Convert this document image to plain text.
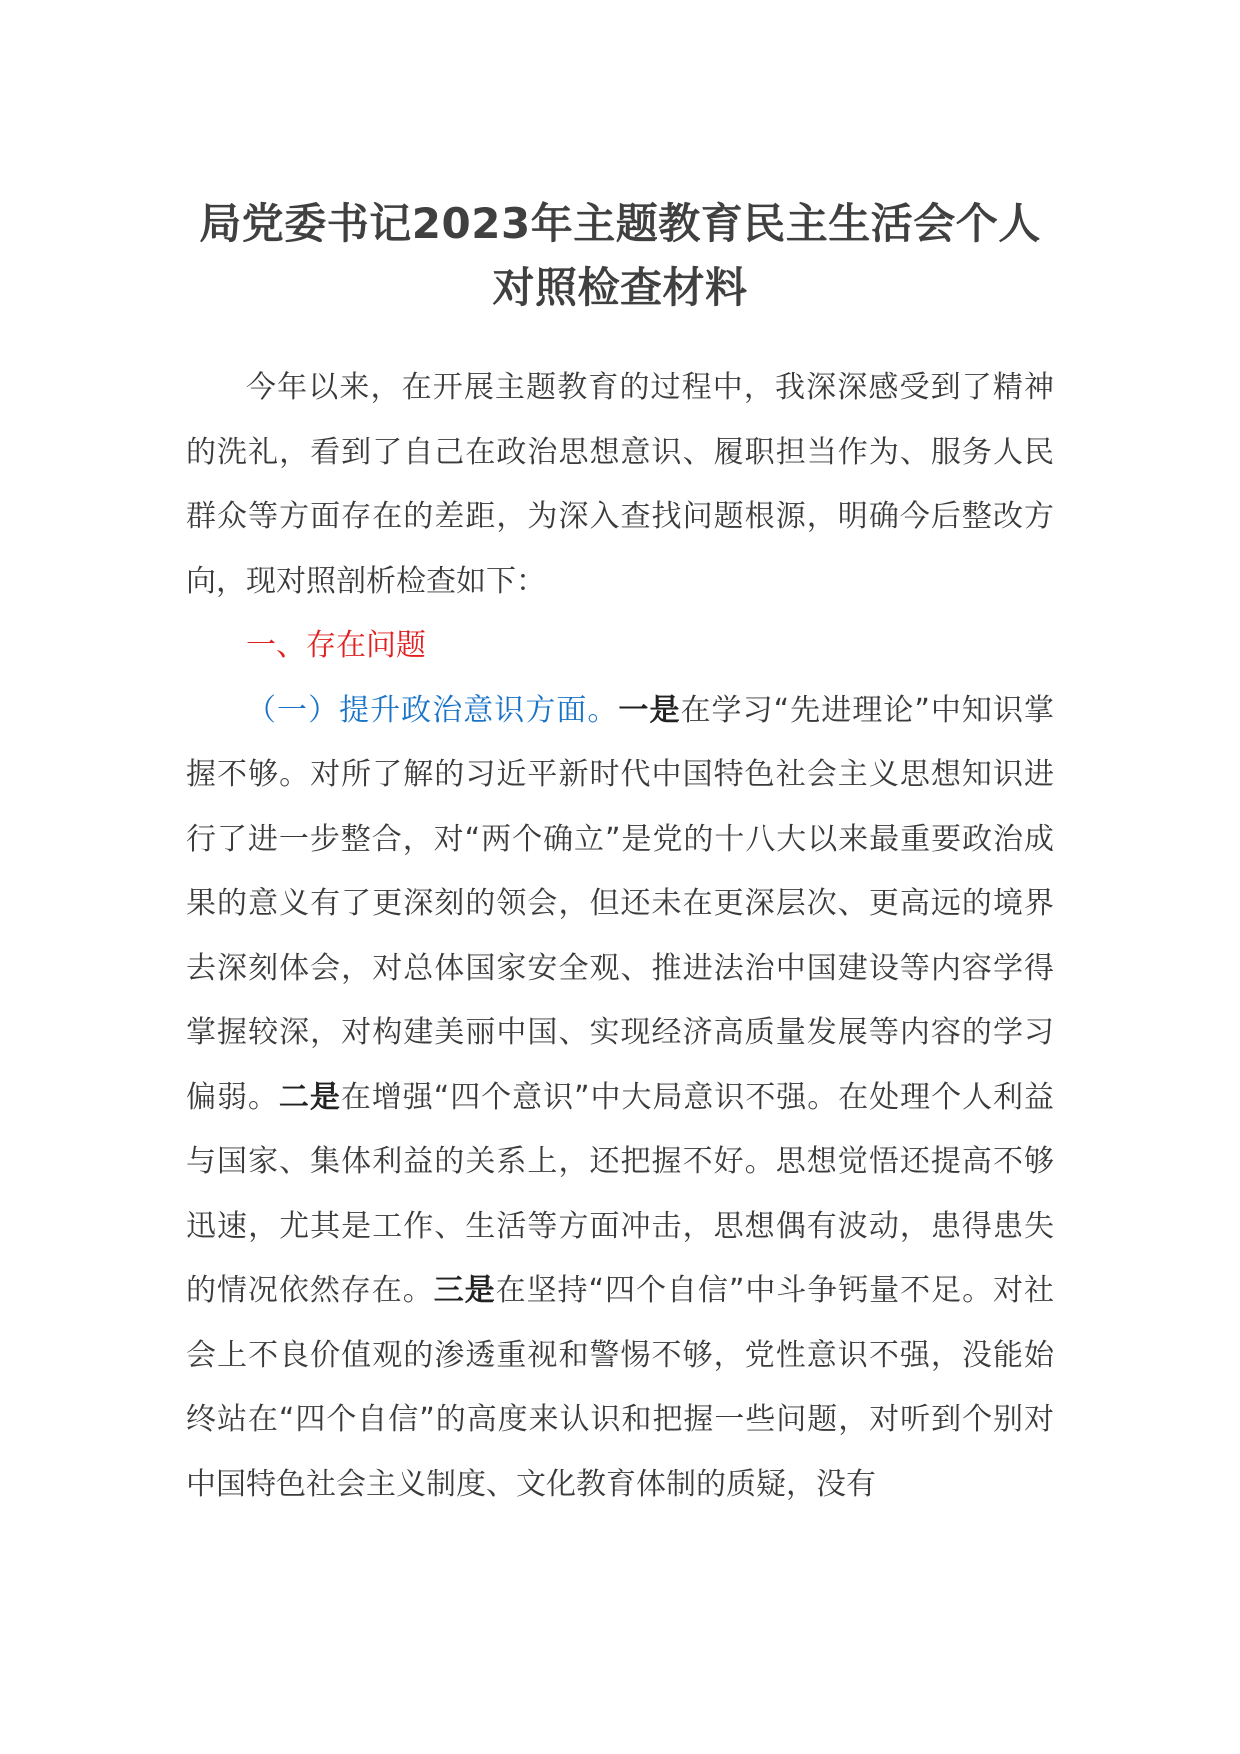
局党委书记2023年主题教育民主生活会个人对照检查材料

今年以来，在开展主题教育的过程中，我深深感受到了精神的洗礼，看到了自己在政治思想意识、履职担当作为、服务人民群众等方面存在的差距，为深入查找问题根源，明确今后整改方向，现对照剖析检查如下：

一、存在问题

（一）提升政治意识方面。一是在学习“先进理论”中知识掌握不够。对所了解的习近平新时代中国特色社会主义思想知识进行了进一步整合，对“两个确立”是党的十八大以来最重要政治成果的意义有了更深刻的领会，但还未在更深层次、更高远的境界去深刻体会，对总体国家安全观、推进法治中国建设等内容学得掌握较深，对构建美丽中国、实现经济高质量发展等内容的学习偏弱。二是在增强“四个意识”中大局意识不强。在处理个人利益与国家、集体利益的关系上，还把握不好。思想觉悟还提高不够迅速，尤其是工作、生活等方面冲击，思想偶有波动，患得患失的情况依然存在。三是在坚持“四个自信”中斗争钙量不足。对社会上不良价值观的渗透重视和警惕不够，党性意识不强，没能始终站在“四个自信”的高度来认识和把握一些问题，对听到个别对中国特色社会主义制度、文化教育体制的质疑，没有
